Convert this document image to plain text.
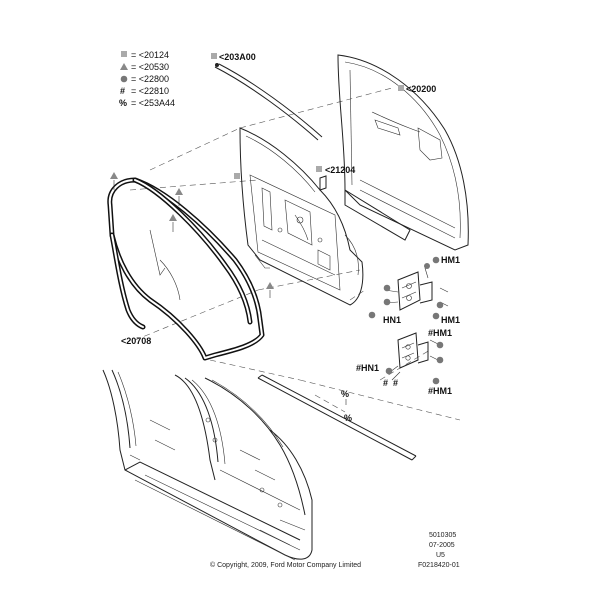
= <20124
= <20530
= <22800
# = <22810
% = <253A44
<203A00
<20200
<21204
<20708
HM1
HN1	HM1
#HM1
#HN1
# #
#HM1
%
%
© Copyright, 2009, Ford Motor Company Limited
5010305
07-2005
U5
F0218420-01
